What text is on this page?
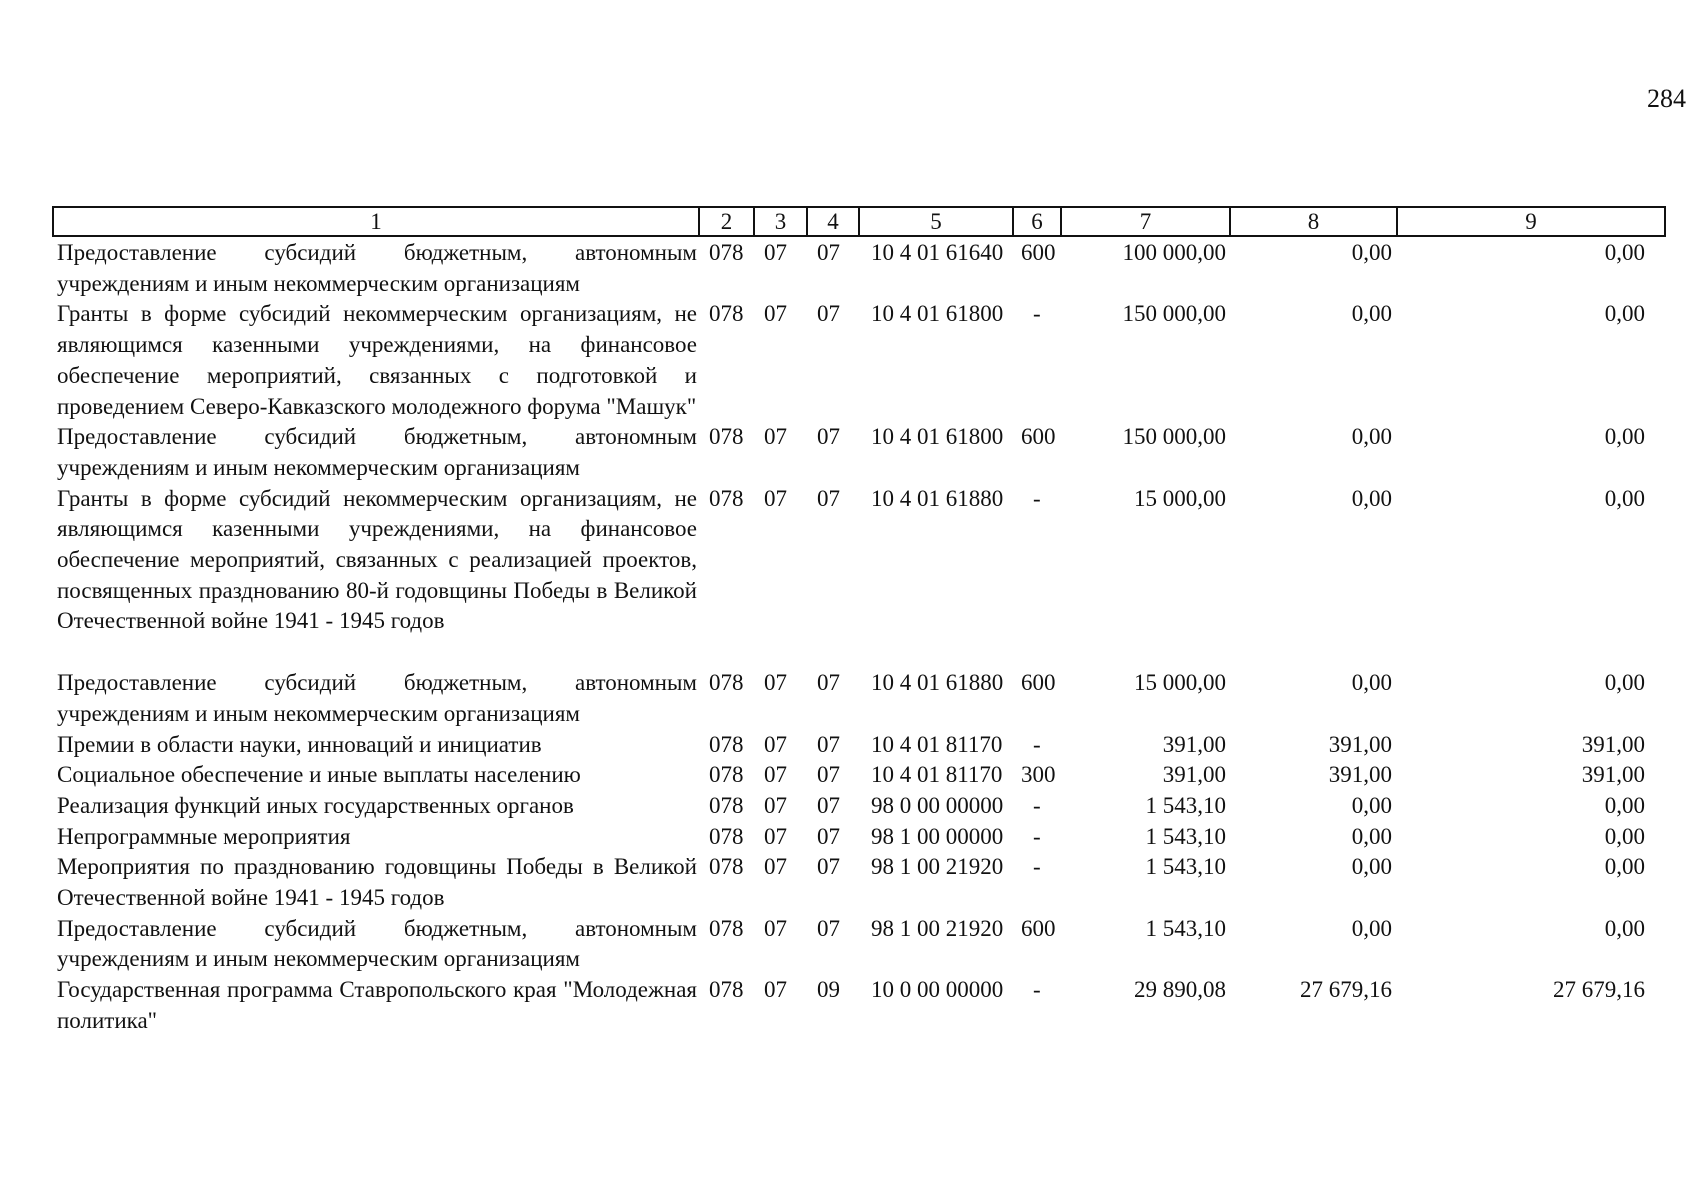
284
1	2	3	4	5	6	7	8	9
Предоставление субсидий бюджетным, автономным учреждениям и иным некоммерческим организациям	078	07	07	10 4 01 61640	600	100 000,00	0,00	0,00
Гранты в форме субсидий некоммерческим организациям, не являющимся казенными учреждениями, на финансовое обеспечение мероприятий, связанных с подготовкой и проведением Северо-Кавказского молодежного форума "Машук"	078	07	07	10 4 01 61800	-	150 000,00	0,00	0,00
Предоставление субсидий бюджетным, автономным учреждениям и иным некоммерческим организациям	078	07	07	10 4 01 61800	600	150 000,00	0,00	0,00
Гранты в форме субсидий некоммерческим организациям, не являющимся казенными учреждениями, на финансовое обеспечение мероприятий, связанных с реализацией проектов, посвященных празднованию 80-й годовщины Победы в Великой Отечественной войне 1941 - 1945 годов	078	07	07	10 4 01 61880	-	15 000,00	0,00	0,00
Предоставление субсидий бюджетным, автономным учреждениям и иным некоммерческим организациям	078	07	07	10 4 01 61880	600	15 000,00	0,00	0,00
Премии в области науки, инноваций и инициатив	078	07	07	10 4 01 81170	-	391,00	391,00	391,00
Социальное обеспечение и иные выплаты населению	078	07	07	10 4 01 81170	300	391,00	391,00	391,00
Реализация функций иных государственных органов	078	07	07	98 0 00 00000	-	1 543,10	0,00	0,00
Непрограммные мероприятия	078	07	07	98 1 00 00000	-	1 543,10	0,00	0,00
Мероприятия по празднованию годовщины Победы в Великой Отечественной войне 1941 - 1945 годов	078	07	07	98 1 00 21920	-	1 543,10	0,00	0,00
Предоставление субсидий бюджетным, автономным учреждениям и иным некоммерческим организациям	078	07	07	98 1 00 21920	600	1 543,10	0,00	0,00
Государственная программа Ставропольского края "Молодежная политика"	078	07	09	10 0 00 00000	-	29 890,08	27 679,16	27 679,16
